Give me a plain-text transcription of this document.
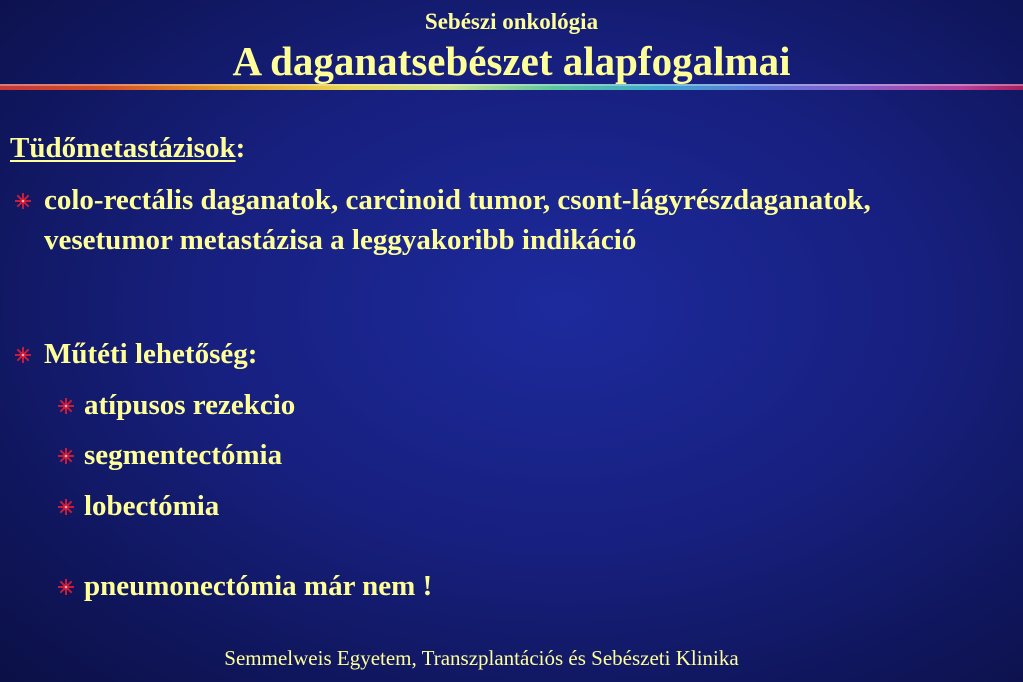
Sebészi onkológia
A daganatsebészet alapfogalmai
Tüdőmetastázisok:
colo-rectális daganatok, carcinoid tumor, csont-lágyrészdaganatok, vesetumor metastázisa a leggyakoribb indikáció
Műtéti lehetőség:
atípusos rezekcio
segmentectómia
lobectómia
pneumonectómia már nem !
Semmelweis Egyetem, Transzplantációs és Sebészeti Klinika
